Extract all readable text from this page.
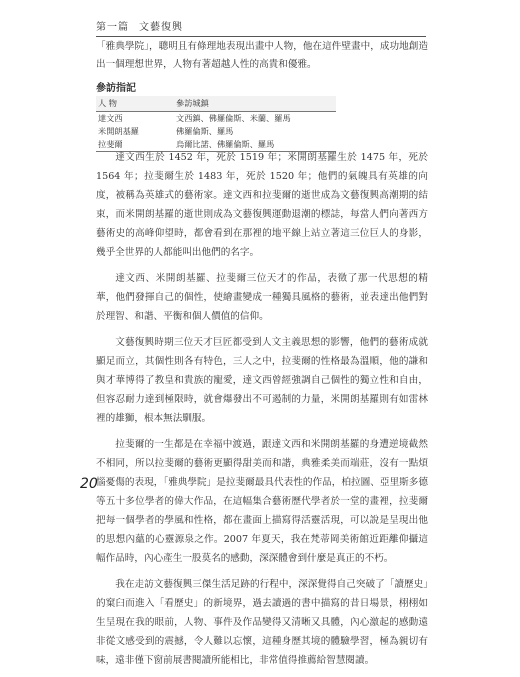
第一篇 文藝復興
「雅典學院」，聰明且有條理地表現出畫中人物，他在這件壁畫中，成功地創造出一個理想世界，人物有著超越人性的高貴和優雅。
參訪指記
人 物	參訪城鎮
達文西	文西鎮、佛羅倫斯、米蘭、羅馬
米開朗基羅	佛羅倫斯、羅馬
拉斐爾	烏爾比諾、佛羅倫斯、羅馬

達文西生於 1452 年，死於 1519 年；米開朗基羅生於 1475 年，死於 1564 年；拉斐爾生於 1483 年，死於 1520 年；他們的氣魄具有英雄的向度，被稱為英雄式的藝術家。達文西和拉斐爾的逝世成為文藝復興高潮期的結束，而米開朗基羅的逝世則成為文藝復興運動退潮的標誌，每當人們向著西方藝術史的高峰仰望時，都會看到在那裡的地平線上站立著這三位巨人的身影，幾乎全世界的人都能叫出他們的名字。

達文西、米開朗基羅、拉斐爾三位天才的作品，表徵了那一代思想的精華，他們發揮自己的個性，使繪畫變成一種獨具風格的藝術，並表達出他們對於理智、和諧、平衡和個人價值的信仰。

文藝復興時期三位天才巨匠都受到人文主義思想的影響，他們的藝術成就顯足而立，其個性則各有特色，三人之中，拉斐爾的性格最為溫順，他的謙和與才華博得了教皇和貴族的寵愛，達文西曾經強調自己個性的獨立性和自由，但容忍耐力達到極限時，就會爆發出不可遏制的力量，米開朗基羅則有如雷林裡的雄獅，根本無法馴服。

拉斐爾的一生都是在幸福中渡過，跟達文西和米開朗基羅的身遭逆境截然不相同，所以拉斐爾的藝術更顯得甜美而和諧，典雅柔美而端莊，沒有一點煩惱憂傷的表現，「雅典學院」是拉斐爾最具代表性的作品，柏拉圖、亞里斯多德等五十多位學者的偉大作品，在這幅集合藝術歷代學者於一堂的畫裡，拉斐爾把每一個學者的學風和性格，都在畫面上描寫得活靈活現，可以說是呈現出他的思想內蘊的心靈源泉之作。2007 年夏天，我在梵蒂岡美術館近距離仰攝這幅作品時，內心產生一股莫名的感動，深深體會到什麼是真正的不朽。

我在走訪文藝復興三傑生活足跡的行程中，深深覺得自己突破了「讀歷史」的窠臼而進入「看歷史」的新境界，過去讀過的書中描寫的昔日場景，栩栩如生呈現在我的眼前，人物、事件及作品變得又清晰又具體，內心激起的感動遠非從文感受到的震撼，令人難以忘懷，這種身歷其境的體驗學習，極為親切有味，遠非僅下窗前展書閱讀所能相比，非常值得推薦給智慧閱讀。

20
